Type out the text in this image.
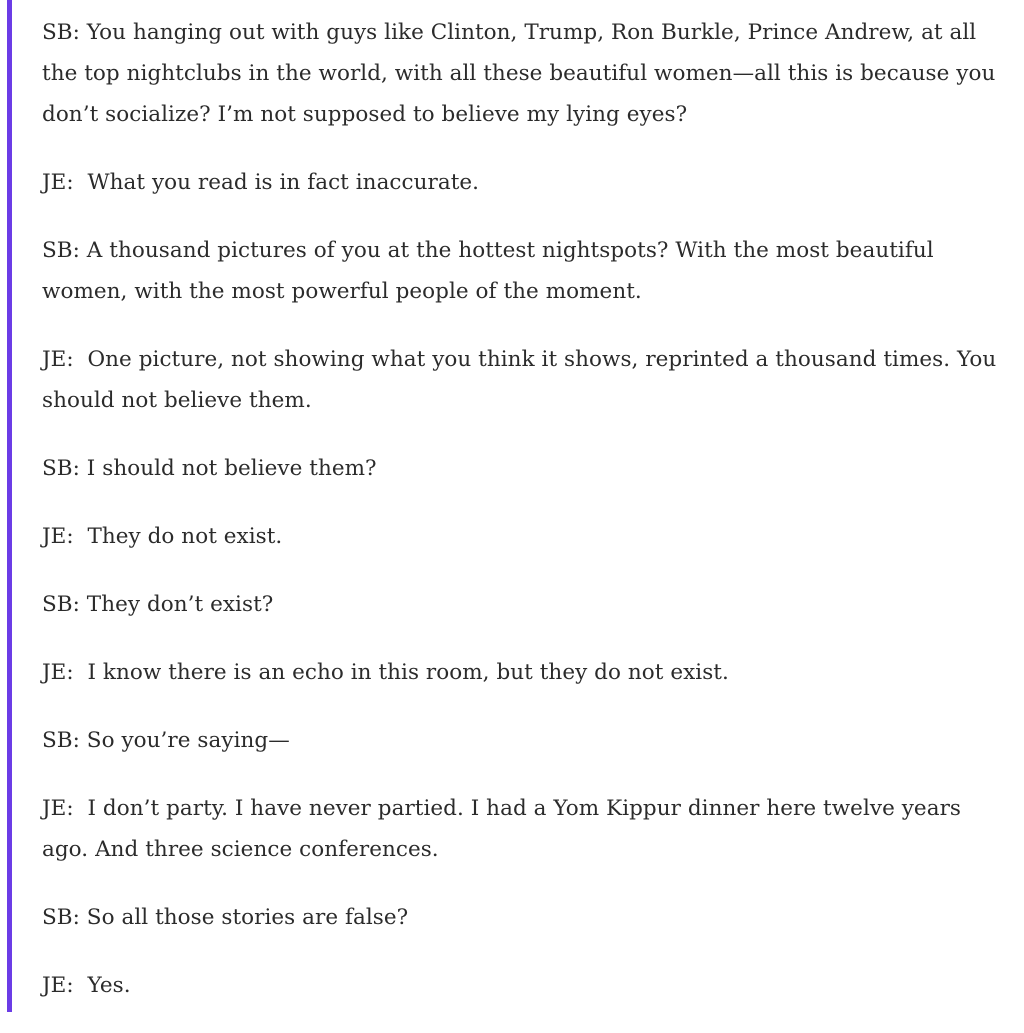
SB: You hanging out with guys like Clinton, Trump, Ron Burkle, Prince Andrew, at all the top nightclubs in the world, with all these beautiful women—all this is because you don’t socialize? I’m not supposed to believe my lying eyes?

JE:  What you read is in fact inaccurate.

SB: A thousand pictures of you at the hottest nightspots? With the most beautiful women, with the most powerful people of the moment.

JE:  One picture, not showing what you think it shows, reprinted a thousand times. You should not believe them.

SB: I should not believe them?

JE:  They do not exist.

SB: They don’t exist?

JE:  I know there is an echo in this room, but they do not exist.

SB: So you’re saying—

JE:  I don’t party. I have never partied. I had a Yom Kippur dinner here twelve years ago. And three science conferences.

SB: So all those stories are false?

JE:  Yes.
